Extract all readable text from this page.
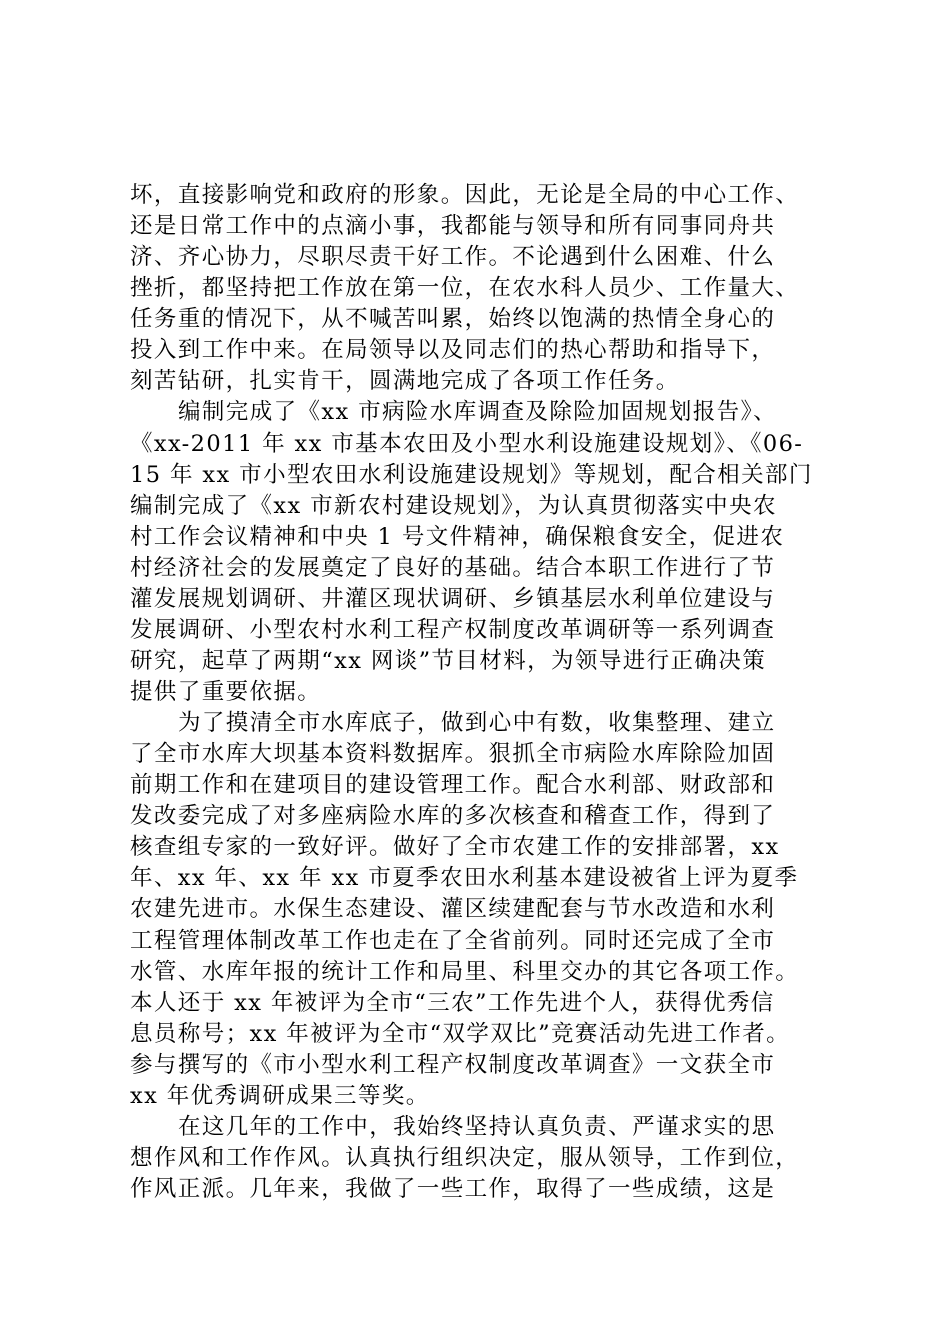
坏，直接影响党和政府的形象。因此，无论是全局的中心工作、
还是日常工作中的点滴小事，我都能与领导和所有同事同舟共
济、齐心协力，尽职尽责干好工作。不论遇到什么困难、什么
挫折，都坚持把工作放在第一位，在农水科人员少、工作量大、
任务重的情况下，从不喊苦叫累，始终以饱满的热情全身心的
投入到工作中来。在局领导以及同志们的热心帮助和指导下，
刻苦钻研，扎实肯干，圆满地完成了各项工作任务。
编制完成了《xx 市病险水库调查及除险加固规划报告》、
《xx-2011 年 xx 市基本农田及小型水利设施建设规划》、《06-
15 年 xx 市小型农田水利设施建设规划》等规划，配合相关部门
编制完成了《xx 市新农村建设规划》，为认真贯彻落实中央农
村工作会议精神和中央 1 号文件精神，确保粮食安全，促进农
村经济社会的发展奠定了良好的基础。结合本职工作进行了节
灌发展规划调研、井灌区现状调研、乡镇基层水利单位建设与
发展调研、小型农村水利工程产权制度改革调研等一系列调查
研究，起草了两期“xx 网谈”节目材料，为领导进行正确决策
提供了重要依据。
为了摸清全市水库底子，做到心中有数，收集整理、建立
了全市水库大坝基本资料数据库。狠抓全市病险水库除险加固
前期工作和在建项目的建设管理工作。配合水利部、财政部和
发改委完成了对多座病险水库的多次核查和稽查工作，得到了
核查组专家的一致好评。做好了全市农建工作的安排部署，xx
年、xx 年、xx 年 xx 市夏季农田水利基本建设被省上评为夏季
农建先进市。水保生态建设、灌区续建配套与节水改造和水利
工程管理体制改革工作也走在了全省前列。同时还完成了全市
水管、水库年报的统计工作和局里、科里交办的其它各项工作。
本人还于 xx 年被评为全市“三农”工作先进个人，获得优秀信
息员称号；xx 年被评为全市“双学双比”竞赛活动先进工作者。
参与撰写的《市小型水利工程产权制度改革调查》一文获全市
xx 年优秀调研成果三等奖。
在这几年的工作中，我始终坚持认真负责、严谨求实的思
想作风和工作作风。认真执行组织决定，服从领导，工作到位，
作风正派。几年来，我做了一些工作，取得了一些成绩，这是
